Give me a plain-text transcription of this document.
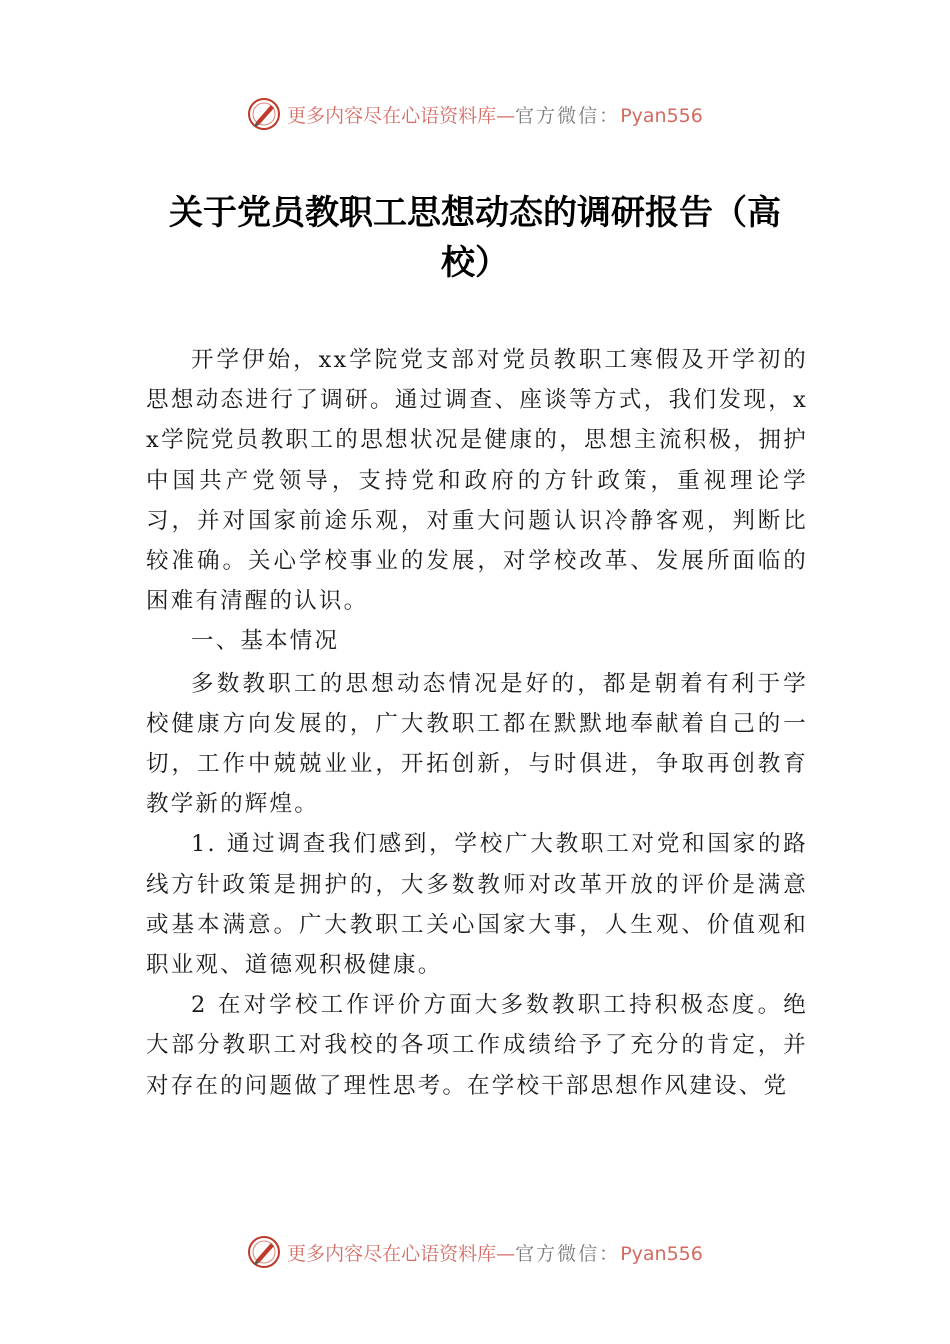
更多内容尽在心语资料库—官方微信：Pyan556
关于党员教职工思想动态的调研报告（高校）

开学伊始，xx学院党支部对党员教职工寒假及开学初的思想动态进行了调研。通过调查、座谈等方式，我们发现，xx学院党员教职工的思想状况是健康的，思想主流积极，拥护中国共产党领导，支持党和政府的方针政策，重视理论学习，并对国家前途乐观，对重大问题认识冷静客观，判断比较准确。关心学校事业的发展，对学校改革、发展所面临的困难有清醒的认识。

一、基本情况

多数教职工的思想动态情况是好的，都是朝着有利于学校健康方向发展的，广大教职工都在默默地奉献着自己的一切，工作中兢兢业业，开拓创新，与时俱进，争取再创教育教学新的辉煌。

1. 通过调查我们感到，学校广大教职工对党和国家的路线方针政策是拥护的，大多数教师对改革开放的评价是满意或基本满意。广大教职工关心国家大事，人生观、价值观和职业观、道德观积极健康。

2 在对学校工作评价方面大多数教职工持积极态度。绝大部分教职工对我校的各项工作成绩给予了充分的肯定，并对存在的问题做了理性思考。在学校干部思想作风建设、党

更多内容尽在心语资料库—官方微信：Pyan556
